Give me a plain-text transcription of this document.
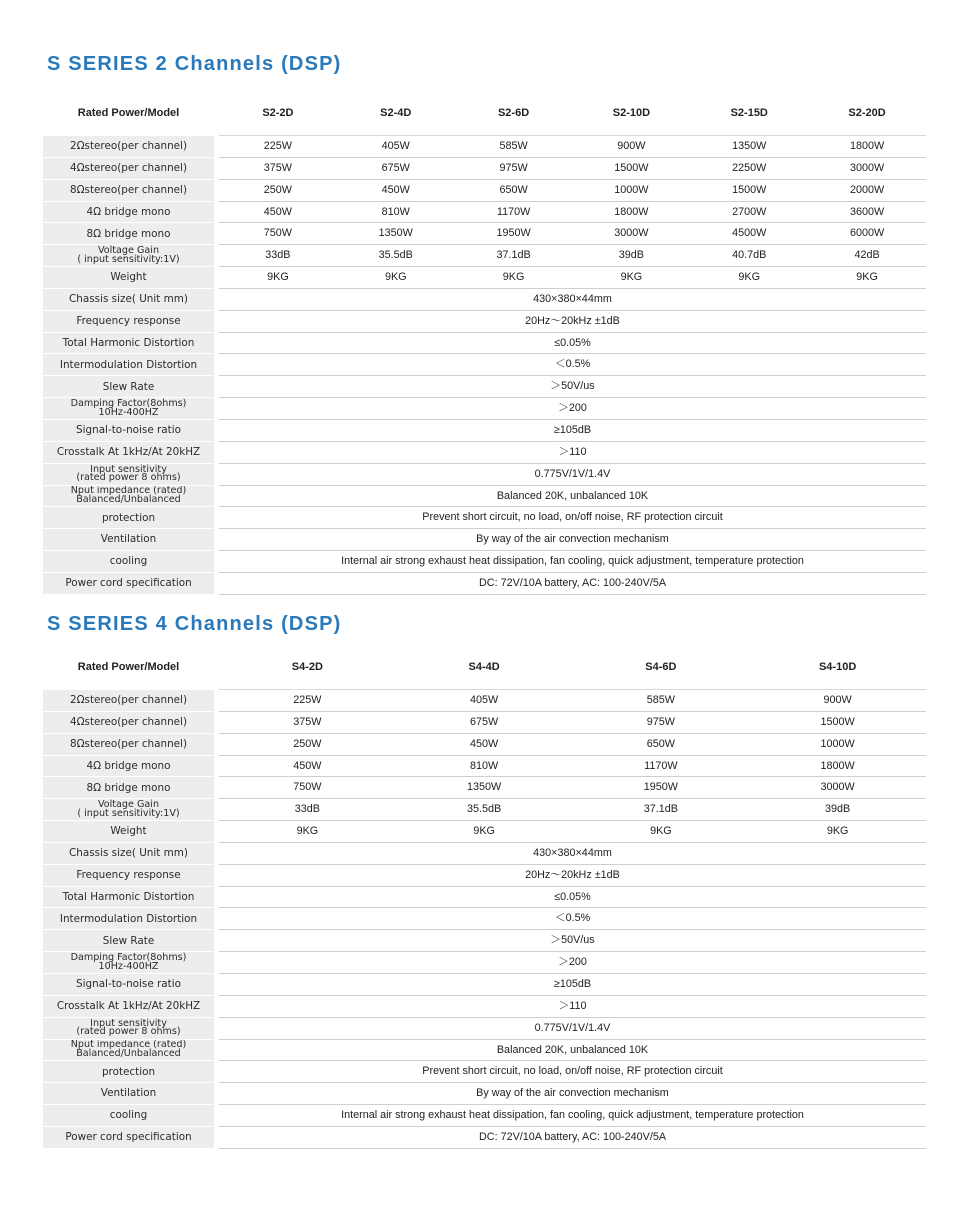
S SERIES 2 Channels (DSP)
Rated Power/Model		S2-2D	S2-4D	S2-6D	S2-10D	S2-15D	S2-20D
2Ωstereo(per channel)		225W	405W	585W	900W	1350W	1800W
4Ωstereo(per channel)		375W	675W	975W	1500W	2250W	3000W
8Ωstereo(per channel)		250W	450W	650W	1000W	1500W	2000W
4Ω bridge mono		450W	810W	1170W	1800W	2700W	3600W
8Ω bridge mono		750W	1350W	1950W	3000W	4500W	6000W

Voltage Gain
( input sensitivity:1V)		33dB	35.5dB	37.1dB	39dB	40.7dB	42dB
Weight		9KG	9KG	9KG	9KG	9KG	9KG
Chassis size( Unit mm)		430×380×44mm					
Frequency response		20Hz～20kHz ±1dB					
Total Harmonic Distortion		≤0.05%					
Intermodulation Distortion		＜0.5%					
Slew Rate		＞50V/us					

Damping Factor(8ohms)
10Hz-400HZ		＞200					
Signal-to-noise ratio		≥105dB					
Crosstalk At 1kHz/At 20kHZ		＞110					

Input sensitivity
(rated power 8 ohms)		0.775V/1V/1.4V					

Nput impedance (rated)
Balanced/Unbalanced		Balanced 20K, unbalanced 10K					
protection		Prevent short circuit, no load, on/off noise, RF protection circuit					
Ventilation		By way of the air convection mechanism					
cooling		Internal air strong exhaust heat dissipation, fan cooling, quick adjustment, temperature protection					
Power cord specification		DC: 72V/10A battery, AC: 100-240V/5A					
S SERIES 4 Channels (DSP)
Rated Power/Model		S4-2D	S4-4D	S4-6D	S4-10D
2Ωstereo(per channel)		225W	405W	585W	900W
4Ωstereo(per channel)		375W	675W	975W	1500W
8Ωstereo(per channel)		250W	450W	650W	1000W
4Ω bridge mono		450W	810W	1170W	1800W
8Ω bridge mono		750W	1350W	1950W	3000W

Voltage Gain
( input sensitivity:1V)		33dB	35.5dB	37.1dB	39dB
Weight		9KG	9KG	9KG	9KG
Chassis size( Unit mm)		430×380×44mm			
Frequency response		20Hz～20kHz ±1dB			
Total Harmonic Distortion		≤0.05%			
Intermodulation Distortion		＜0.5%			
Slew Rate		＞50V/us			

Damping Factor(8ohms)
10Hz-400HZ		＞200			
Signal-to-noise ratio		≥105dB			
Crosstalk At 1kHz/At 20kHZ		＞110			

Input sensitivity
(rated power 8 ohms)		0.775V/1V/1.4V			

Nput impedance (rated)
Balanced/Unbalanced		Balanced 20K, unbalanced 10K			
protection		Prevent short circuit, no load, on/off noise, RF protection circuit			
Ventilation		By way of the air convection mechanism			
cooling		Internal air strong exhaust heat dissipation, fan cooling, quick adjustment, temperature protection			
Power cord specification		DC: 72V/10A battery, AC: 100-240V/5A			
